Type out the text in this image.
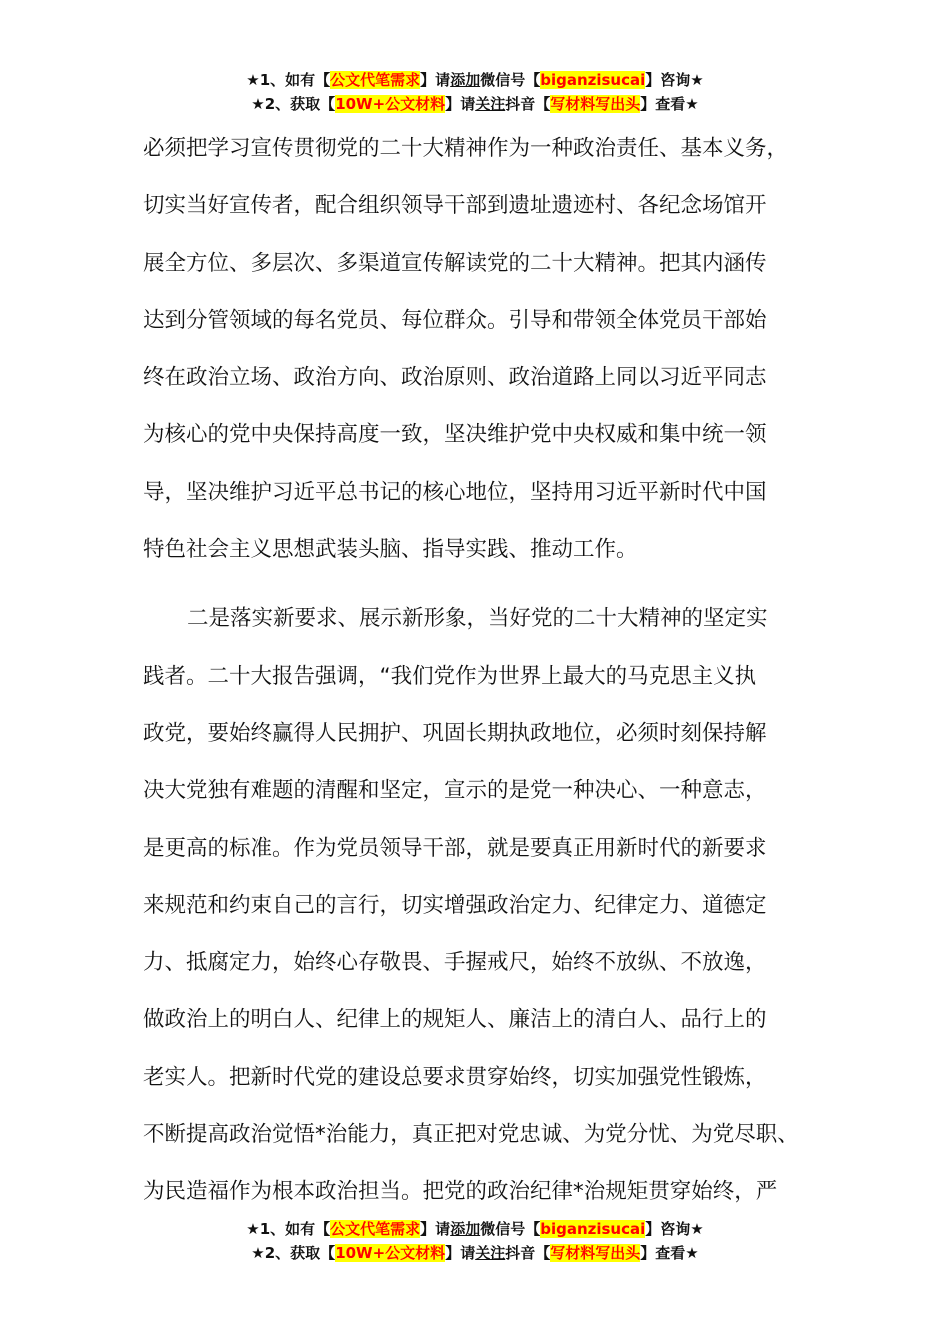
★1、如有【公文代笔需求】请添加微信号【biganzisucai】咨询★
★2、获取【10W+公文材料】请关注抖音【写材料写出头】查看★
必须把学习宣传贯彻党的二十大精神作为一种政治责任、基本义务，
切实当好宣传者，配合组织领导干部到遗址遗迹村、各纪念场馆开
展全方位、多层次、多渠道宣传解读党的二十大精神。把其内涵传
达到分管领域的每名党员、每位群众。引导和带领全体党员干部始
终在政治立场、政治方向、政治原则、政治道路上同以习近平同志
为核心的党中央保持高度一致，坚决维护党中央权威和集中统一领
导，坚决维护习近平总书记的核心地位，坚持用习近平新时代中国
特色社会主义思想武装头脑、指导实践、推动工作。
二是落实新要求、展示新形象，当好党的二十大精神的坚定实
践者。二十大报告强调，“我们党作为世界上最大的马克思主义执
政党，要始终赢得人民拥护、巩固长期执政地位，必须时刻保持解
决大党独有难题的清醒和坚定，宣示的是党一种决心、一种意志，
是更高的标准。作为党员领导干部，就是要真正用新时代的新要求
来规范和约束自己的言行，切实增强政治定力、纪律定力、道德定
力、抵腐定力，始终心存敬畏、手握戒尺，始终不放纵、不放逸，
做政治上的明白人、纪律上的规矩人、廉洁上的清白人、品行上的
老实人。把新时代党的建设总要求贯穿始终，切实加强党性锻炼，
不断提高政治觉悟*治能力，真正把对党忠诚、为党分忧、为党尽职、
为民造福作为根本政治担当。把党的政治纪律*治规矩贯穿始终，严
★1、如有【公文代笔需求】请添加微信号【biganzisucai】咨询★
★2、获取【10W+公文材料】请关注抖音【写材料写出头】查看★
